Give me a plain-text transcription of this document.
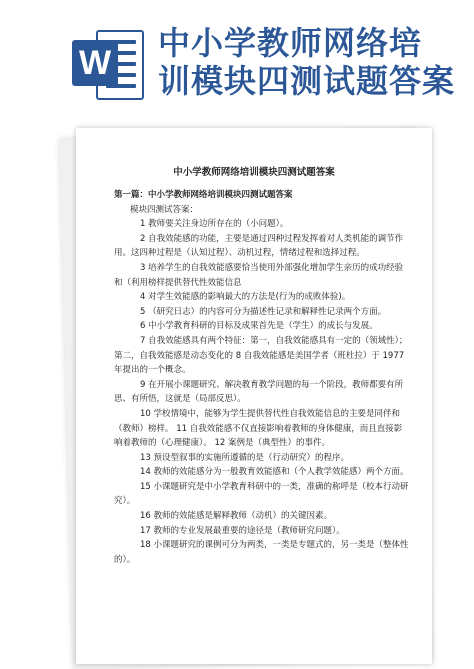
W
中小学教师网络培
训模块四测试题答案
中小学教师网络培训模块四测试题答案

第一篇：中小学教师网络培训模块四测试题答案

模块四测试答案：

1 教师要关注身边所存在的（小问题）。

2 自我效能感的功能，主要是通过四种过程发挥着对人类机能的调节作用。这四种过程是（认知过程）、动机过程，情绪过程和选择过程。

3 培养学生的自我效能感要恰当使用外部强化增加学生亲历的成功经验和（利用榜样提供替代性效能信息

4 对学生效能感的影响最大的方法是(行为的成败体验)。

5 （研究日志）的内容可分为描述性记录和解释性记录两个方面。

6 中小学教育科研的目标及成果首先是（学生）的成长与发展。

7 自我效能感具有两个特征：第一，自我效能感具有一定的（领域性）；第二，自我效能感是动态变化的 8 自我效能感是美国学者（班杜拉）于 1977 年提出的一个概念。

9 在开展小课题研究、解决教育教学问题的每一个阶段，教师都要有所思、有所悟，这就是（局部反思）。

10 学校情境中，能够为学生提供替代性自我效能信息的主要是同伴和（教师）榜样。 11 自我效能感不仅直接影响着教师的身体健康，而且直接影响着教师的（心理健康）。 12 案例是（典型性）的事件。

13 预设型叙事的实施所遵循的是（行动研究）的程序。

14 教师的效能感分为一般教育效能感和（个人教学效能感）两个方面。

15 小课题研究是中小学教育科研中的一类，准确的称呼是（校本行动研究）。

16 教师的效能感是解释教师（动机）的关键因素。

17 教师的专业发展最重要的途径是（教师研究问题）。

18 小课题研究的课例可分为两类，一类是专题式的，另一类是（整体性的）。
